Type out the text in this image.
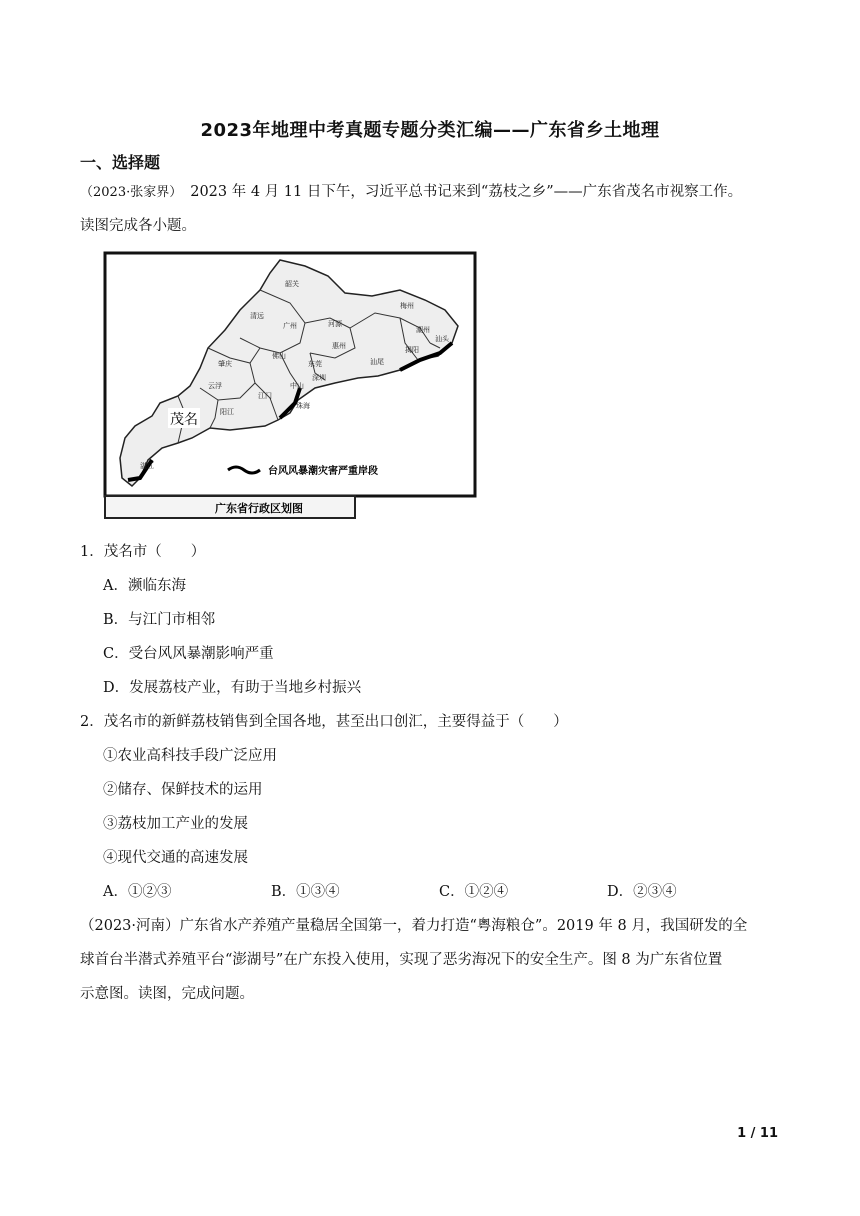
2023年地理中考真题专题分类汇编——广东省乡土地理
一、选择题
（2023·张家界） 2023 年 4 月 11 日下午，习近平总书记来到“荔枝之乡”——广东省茂名市视察工作。
读图完成各小题。
韶关
清远
河源
梅州
肇庆
广州
惠州
汕头
潮州
揭阳
云浮
佛山
东莞	汕尾
江门
深圳
阳江
中山
珠海
湛江
茂名
台风风暴潮灾害严重岸段
广东省行政区划图
1．茂名市（　　）
A．濒临东海
B．与江门市相邻
C．受台风风暴潮影响严重
D．发展荔枝产业，有助于当地乡村振兴
2．茂名市的新鲜荔枝销售到全国各地，甚至出口创汇，主要得益于（　　）
①农业高科技手段广泛应用
②储存、保鲜技术的运用
③荔枝加工产业的发展
④现代交通的高速发展
A．①②③	B．①③④	C．①②④	D．②③④
（2023·河南）广东省水产养殖产量稳居全国第一，着力打造“粤海粮仓”。2019 年 8 月，我国研发的全
球首台半潜式养殖平台“澎湖号”在广东投入使用，实现了恶劣海况下的安全生产。图 8 为广东省位置
示意图。读图，完成问题。
1 / 11
